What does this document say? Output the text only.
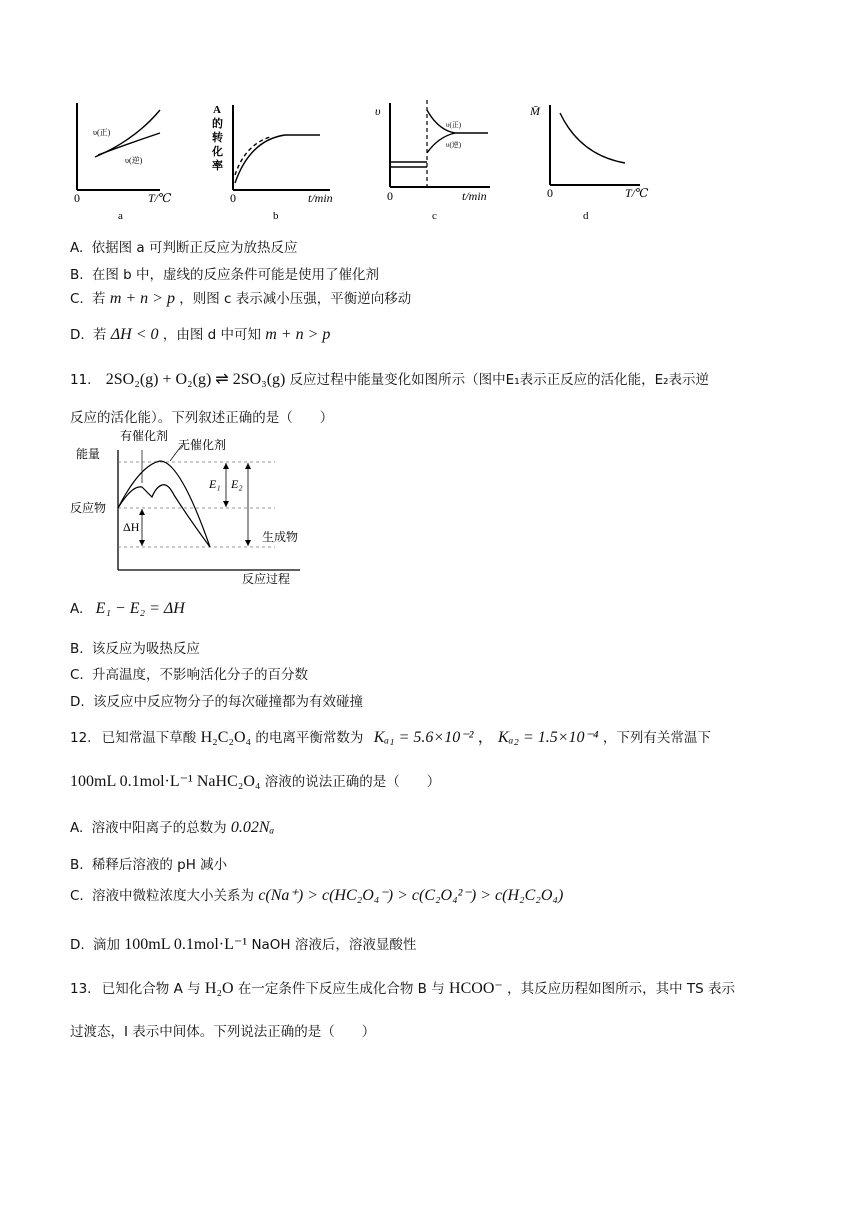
υ(正)
υ(逆)
0	T/℃
a
A
的
转
化
率
0	t/min
b
υ
υ(正)
υ(逆)
0	t/min
c
M̄
0	T/℃
d
A. 依据图 a 可判断正反应为放热反应
B. 在图 b 中，虚线的反应条件可能是使用了催化剂
C. 若 m + n > p ，则图 c 表示减小压强，平衡逆向移动
D. 若 ΔH < 0 ，由图 d 中可知 m + n > p
11. 2SO₂(g) + O₂(g) ⇌ 2SO₃(g) 反应过程中能量变化如图所示（图中E₁表示正反应的活化能，E₂表示逆
反应的活化能）。下列叙述正确的是（　　）
有催化剂
无催化剂
能量
反应物
生成物
反应过程
E₁ E₂
ΔH
A. E₁ − E₂ = ΔH
B. 该反应为吸热反应
C. 升高温度，不影响活化分子的百分数
D. 该反应中反应物分子的每次碰撞都为有效碰撞
12. 已知常温下草酸 H₂C₂O₄ 的电离平衡常数为 Kₐ₁ = 5.6×10⁻² ， Kₐ₂ = 1.5×10⁻⁴ ，下列有关常温下
100mL 0.1mol·L⁻¹ NaHC₂O₄ 溶液的说法正确的是（　　）
A. 溶液中阳离子的总数为 0.02Nₐ
B. 稀释后溶液的 pH 减小
C. 溶液中微粒浓度大小关系为 c(Na⁺) > c(HC₂O₄⁻) > c(C₂O₄²⁻) > c(H₂C₂O₄)
D. 滴加 100mL 0.1mol·L⁻¹ NaOH 溶液后，溶液显酸性
13. 已知化合物 A 与 H₂O 在一定条件下反应生成化合物 B 与 HCOO⁻ ，其反应历程如图所示，其中 TS 表示
过渡态，I 表示中间体。下列说法正确的是（　　）
